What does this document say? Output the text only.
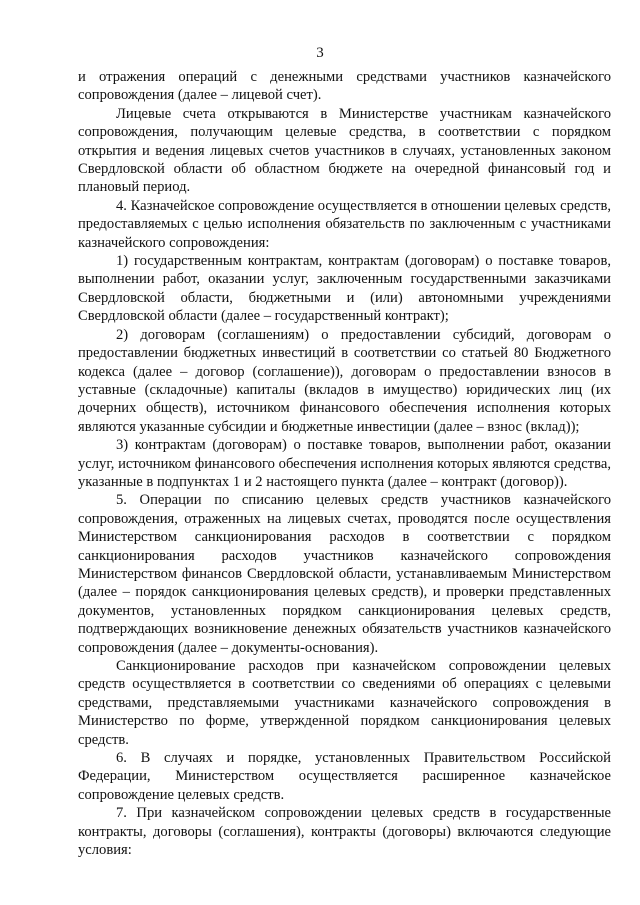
3

и отражения операций с денежными средствами участников казначейского сопровождения (далее – лицевой счет).

Лицевые счета открываются в Министерстве участникам казначейского сопровождения, получающим целевые средства, в соответствии с порядком открытия и ведения лицевых счетов участников в случаях, установленных законом Свердловской области об областном бюджете на очередной финансовый год и плановый период.

4. Казначейское сопровождение осуществляется в отношении целевых средств, предоставляемых с целью исполнения обязательств по заключенным с участниками казначейского сопровождения:

1) государственным контрактам, контрактам (договорам) о поставке товаров, выполнении работ, оказании услуг, заключенным государственными заказчиками Свердловской области, бюджетными и (или) автономными учреждениями Свердловской области (далее – государственный контракт);

2) договорам (соглашениям) о предоставлении субсидий, договорам о предоставлении бюджетных инвестиций в соответствии со статьей 80 Бюджетного кодекса (далее – договор (соглашение)), договорам о предоставлении взносов в уставные (складочные) капиталы (вкладов в имущество) юридических лиц (их дочерних обществ), источником финансового обеспечения исполнения которых являются указанные субсидии и бюджетные инвестиции (далее – взнос (вклад));

3) контрактам (договорам) о поставке товаров, выполнении работ, оказании услуг, источником финансового обеспечения исполнения которых являются средства, указанные в подпунктах 1 и 2 настоящего пункта (далее – контракт (договор)).

5. Операции по списанию целевых средств участников казначейского сопровождения, отраженных на лицевых счетах, проводятся после осуществления Министерством санкционирования расходов в соответствии с порядком санкционирования расходов участников казначейского сопровождения Министерством финансов Свердловской области, устанавливаемым Министерством (далее – порядок санкционирования целевых средств), и проверки представленных документов, установленных порядком санкционирования целевых средств, подтверждающих возникновение денежных обязательств участников казначейского сопровождения (далее – документы-основания).

Санкционирование расходов при казначейском сопровождении целевых средств осуществляется в соответствии со сведениями об операциях с целевыми средствами, представляемыми участниками казначейского сопровождения в Министерство по форме, утвержденной порядком санкционирования целевых средств.

6. В случаях и порядке, установленных Правительством Российской Федерации, Министерством осуществляется расширенное казначейское сопровождение целевых средств.

7. При казначейском сопровождении целевых средств в государственные контракты, договоры (соглашения), контракты (договоры) включаются следующие условия:
